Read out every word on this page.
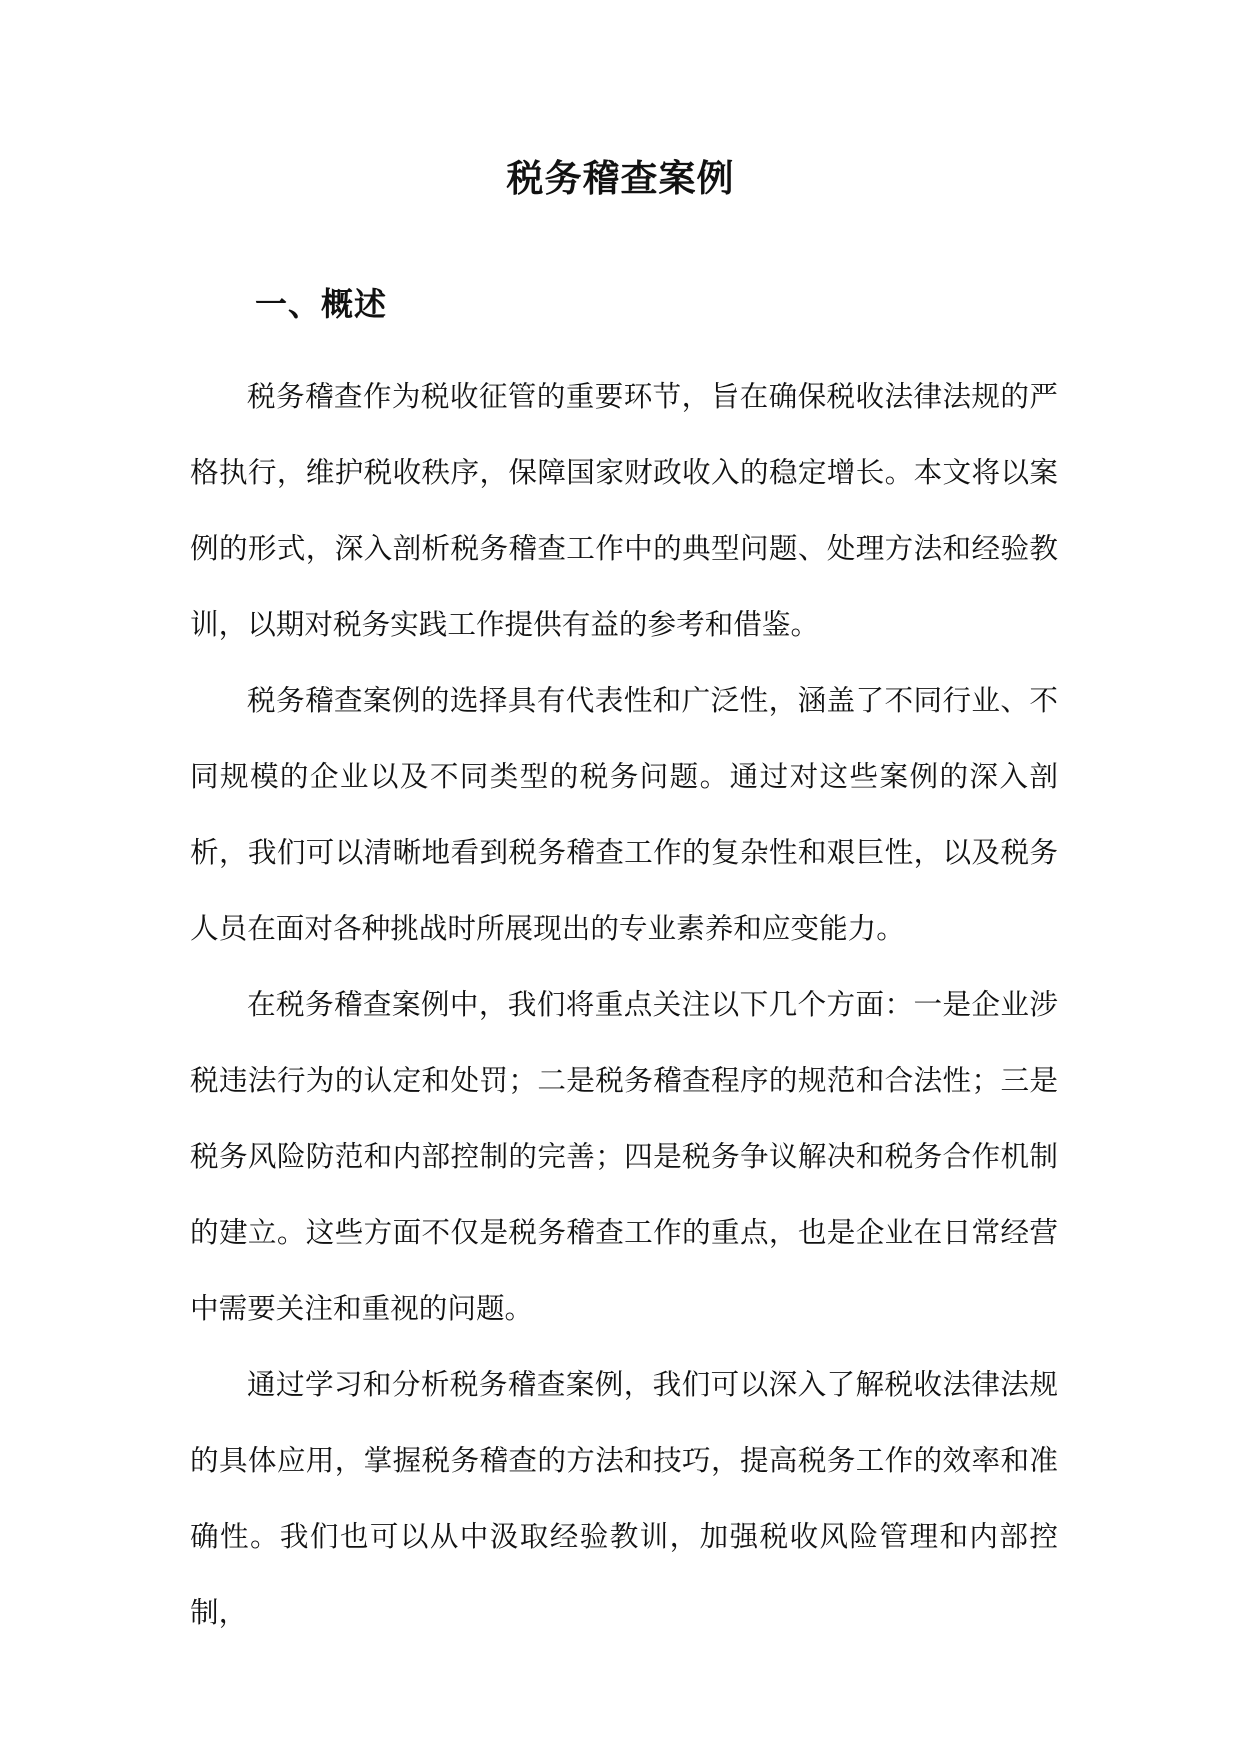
税务稽查案例
一、概述

税务稽查作为税收征管的重要环节，旨在确保税收法律法规的严格执行，维护税收秩序，保障国家财政收入的稳定增长。本文将以案例的形式，深入剖析税务稽查工作中的典型问题、处理方法和经验教训，以期对税务实践工作提供有益的参考和借鉴。

税务稽查案例的选择具有代表性和广泛性，涵盖了不同行业、不同规模的企业以及不同类型的税务问题。通过对这些案例的深入剖析，我们可以清晰地看到税务稽查工作的复杂性和艰巨性，以及税务人员在面对各种挑战时所展现出的专业素养和应变能力。

在税务稽查案例中，我们将重点关注以下几个方面：一是企业涉税违法行为的认定和处罚；二是税务稽查程序的规范和合法性；三是税务风险防范和内部控制的完善；四是税务争议解决和税务合作机制的建立。这些方面不仅是税务稽查工作的重点，也是企业在日常经营中需要关注和重视的问题。

通过学习和分析税务稽查案例，我们可以深入了解税收法律法规的具体应用，掌握税务稽查的方法和技巧，提高税务工作的效率和准确性。我们也可以从中汲取经验教训，加强税收风险管理和内部控制，
